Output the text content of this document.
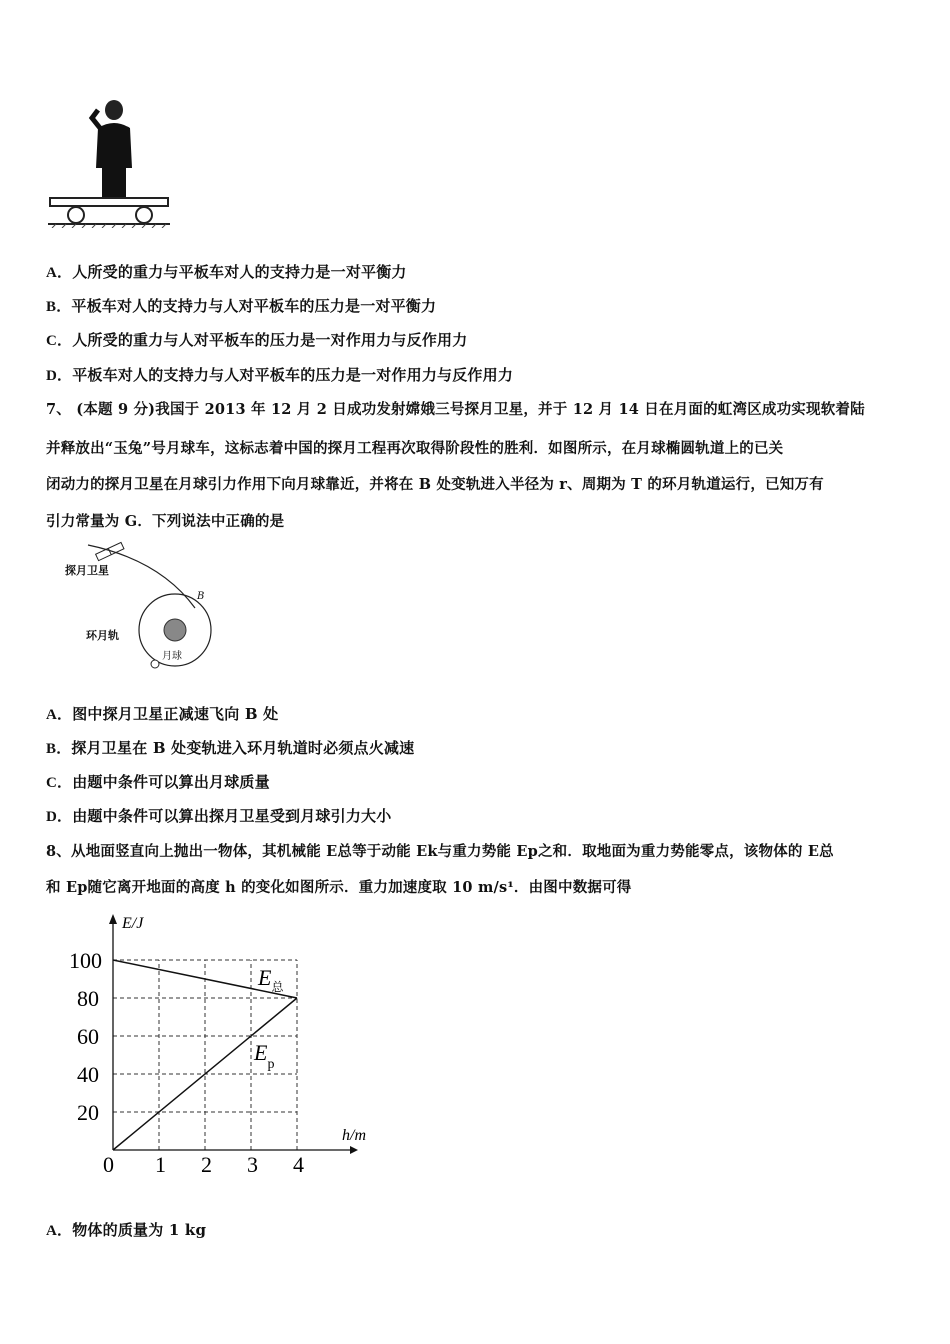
A．人所受的重力与平板车对人的支持力是一对平衡力
B．平板车对人的支持力与人对平板车的压力是一对平衡力
C．人所受的重力与人对平板车的压力是一对作用力与反作用力
D．平板车对人的支持力与人对平板车的压力是一对作用力与反作用力
7、 (本题 9 分)我国于 2013 年 12 月 2 日成功发射嫦娥三号探月卫星，并于 12 月 14 日在月面的虹湾区成功实现软着陆
并释放出“玉兔”号月球车，这标志着中国的探月工程再次取得阶段性的胜利．如图所示，在月球椭圆轨道上的已关
闭动力的探月卫星在月球引力作用下向月球靠近，并将在 B 处变轨进入半径为 r、周期为 T 的环月轨道运行，已知万有
引力常量为 G．下列说法中正确的是
探月卫星
环月轨
月球
B
A．图中探月卫星正减速飞向 B 处
B．探月卫星在 B 处变轨进入环月轨道时必须点火减速
C．由题中条件可以算出月球质量
D．由题中条件可以算出探月卫星受到月球引力大小
8、从地面竖直向上抛出一物体，其机械能 E总等于动能 Ek与重力势能 Ep之和．取地面为重力势能零点，该物体的 E总
和 Ep随它离开地面的高度 h 的变化如图所示．重力加速度取 10 m/s¹．由图中数据可得
0 1 2 3 4
20
40
60
80
100
h/m
E/J
$E_总$
$E_p$
A．物体的质量为 1 kg
